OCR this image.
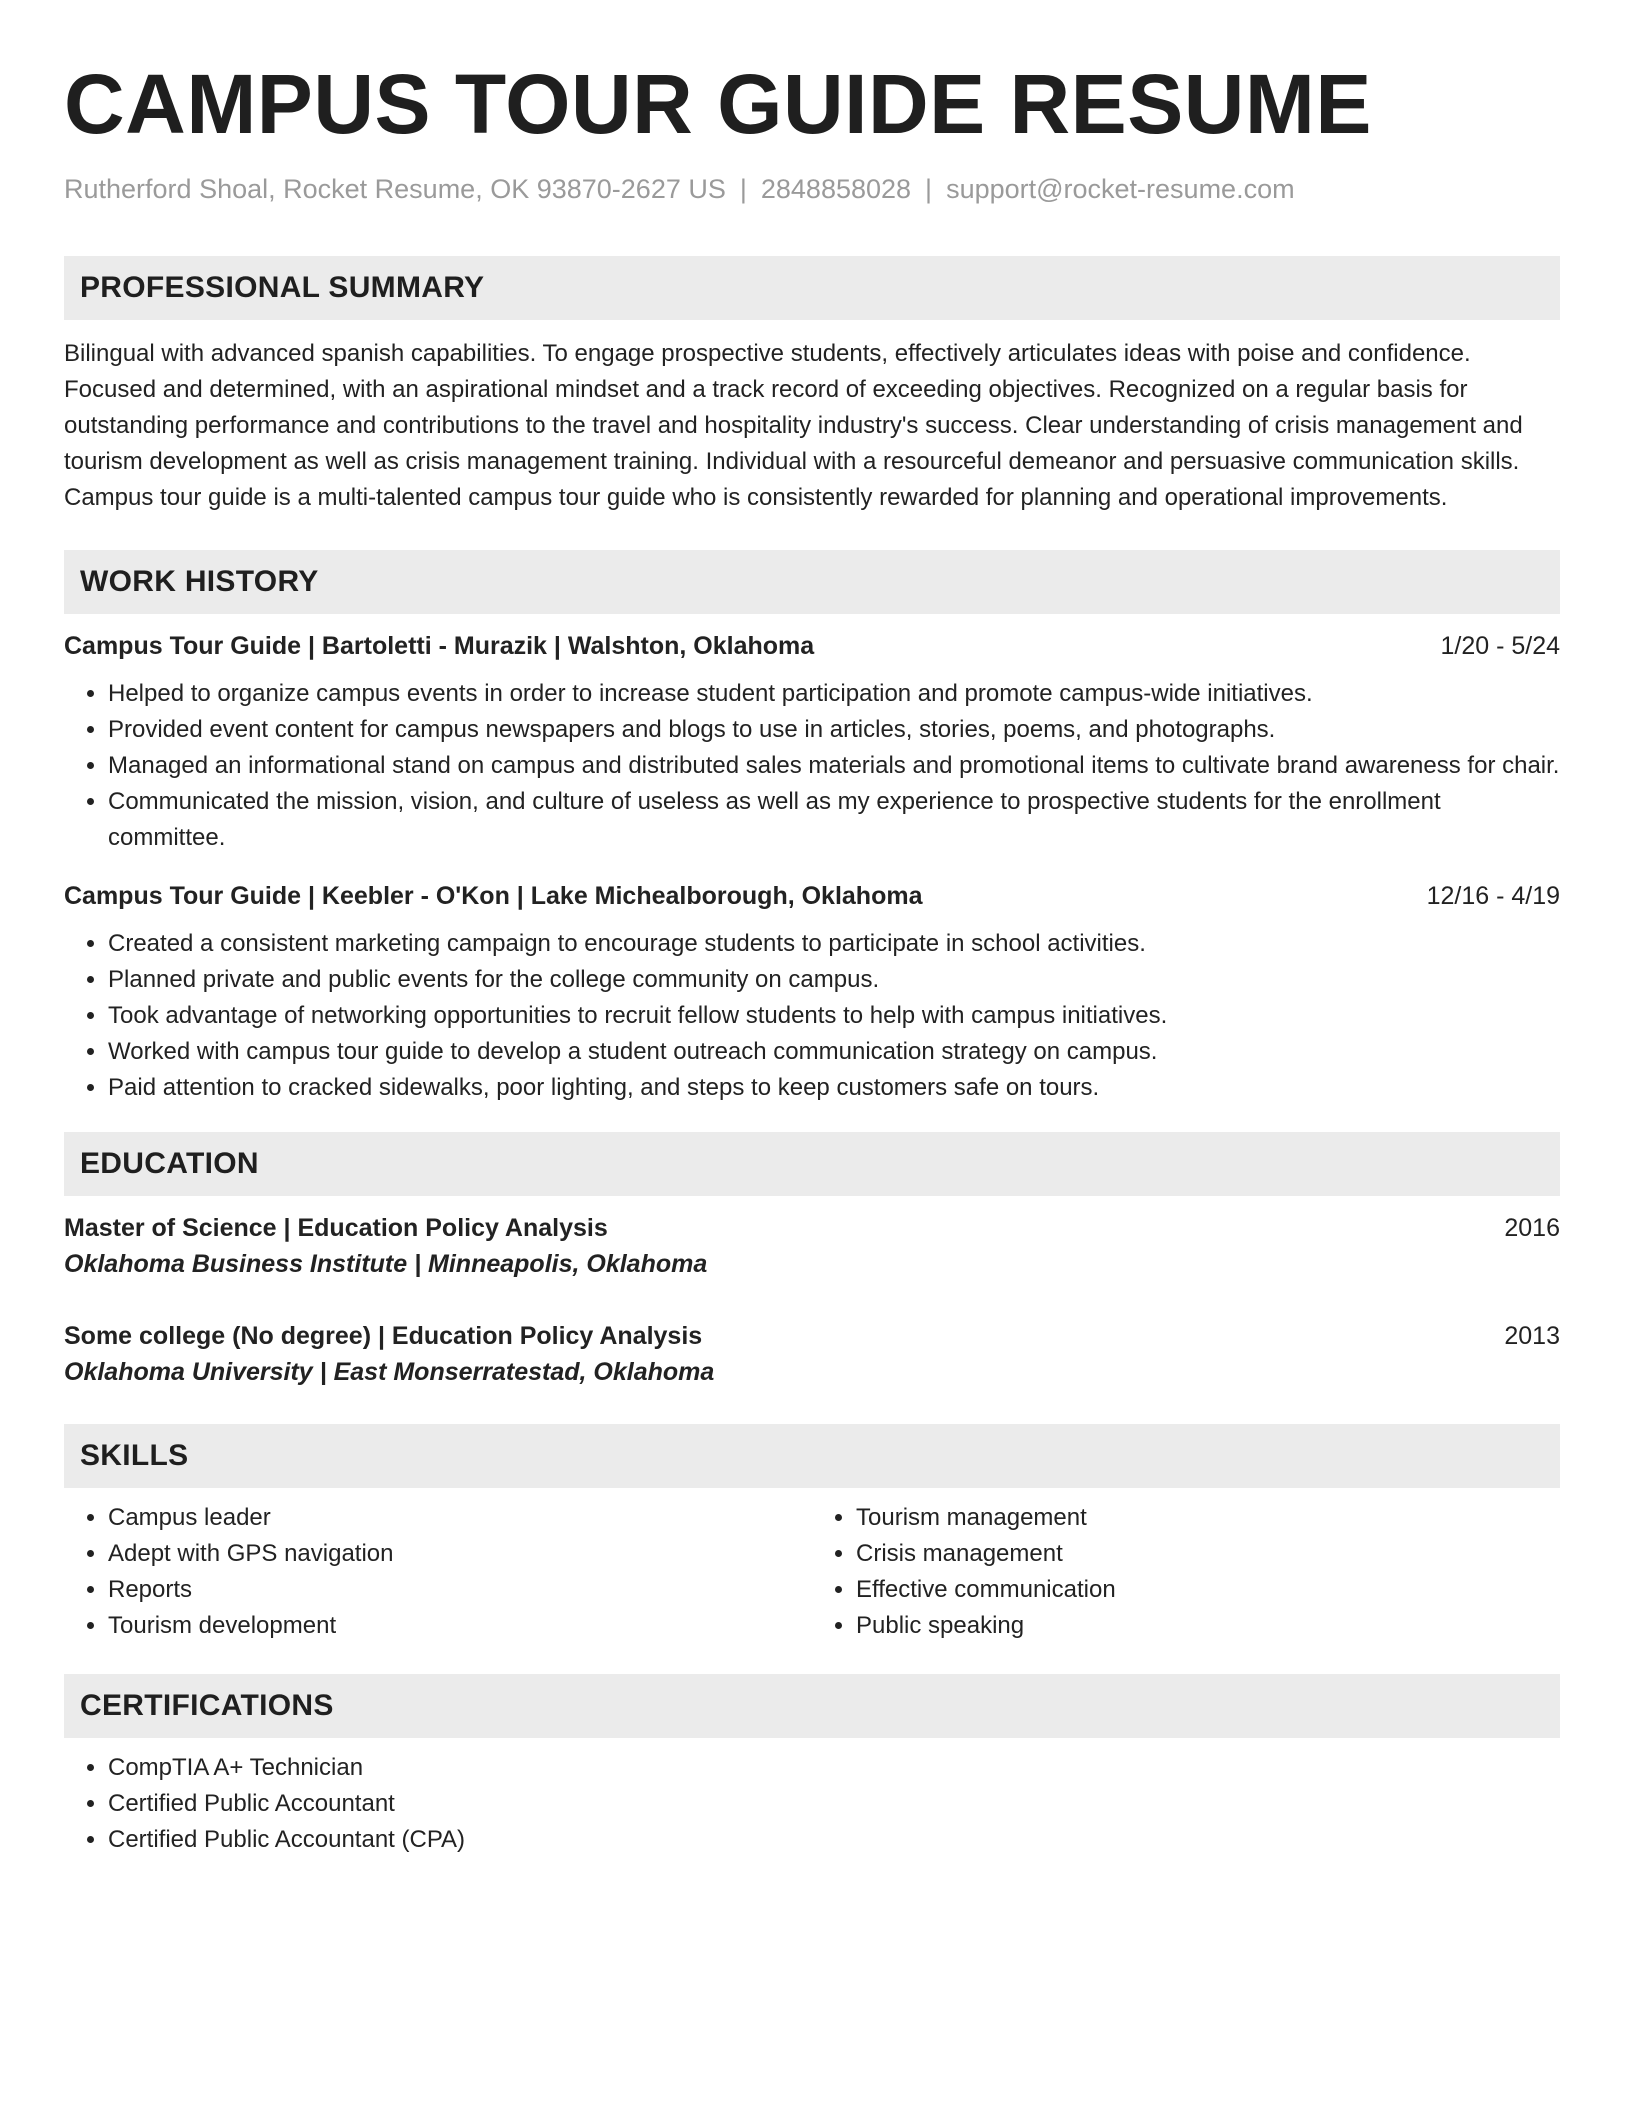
CAMPUS TOUR GUIDE RESUME
Rutherford Shoal, Rocket Resume, OK 93870-2627 US | 2848858028 | support@rocket-resume.com
PROFESSIONAL SUMMARY

Bilingual with advanced spanish capabilities. To engage prospective students, effectively articulates ideas with poise and confidence. Focused and determined, with an aspirational mindset and a track record of exceeding objectives. Recognized on a regular basis for outstanding performance and contributions to the travel and hospitality industry's success. Clear understanding of crisis management and tourism development as well as crisis management training. Individual with a resourceful demeanor and persuasive communication skills. Campus tour guide is a multi-talented campus tour guide who is consistently rewarded for planning and operational improvements.

WORK HISTORY
Campus Tour Guide | Bartoletti - Murazik | Walshton, Oklahoma	1/20 - 5/24
• Helped to organize campus events in order to increase student participation and promote campus-wide initiatives.
• Provided event content for campus newspapers and blogs to use in articles, stories, poems, and photographs.
• Managed an informational stand on campus and distributed sales materials and promotional items to cultivate brand awareness for chair.
• Communicated the mission, vision, and culture of useless as well as my experience to prospective students for the enrollment committee.
Campus Tour Guide | Keebler - O'Kon | Lake Michealborough, Oklahoma	12/16 - 4/19
• Created a consistent marketing campaign to encourage students to participate in school activities.
• Planned private and public events for the college community on campus.
• Took advantage of networking opportunities to recruit fellow students to help with campus initiatives.
• Worked with campus tour guide to develop a student outreach communication strategy on campus.
• Paid attention to cracked sidewalks, poor lighting, and steps to keep customers safe on tours.
EDUCATION
Master of Science | Education Policy Analysis	2016
Oklahoma Business Institute | Minneapolis, Oklahoma
Some college (No degree) | Education Policy Analysis	2013
Oklahoma University | East Monserratestad, Oklahoma
SKILLS
• Campus leader
• Adept with GPS navigation
• Reports
• Tourism development
• Tourism management
• Crisis management
• Effective communication
• Public speaking
CERTIFICATIONS
• CompTIA A+ Technician
• Certified Public Accountant
• Certified Public Accountant (CPA)
